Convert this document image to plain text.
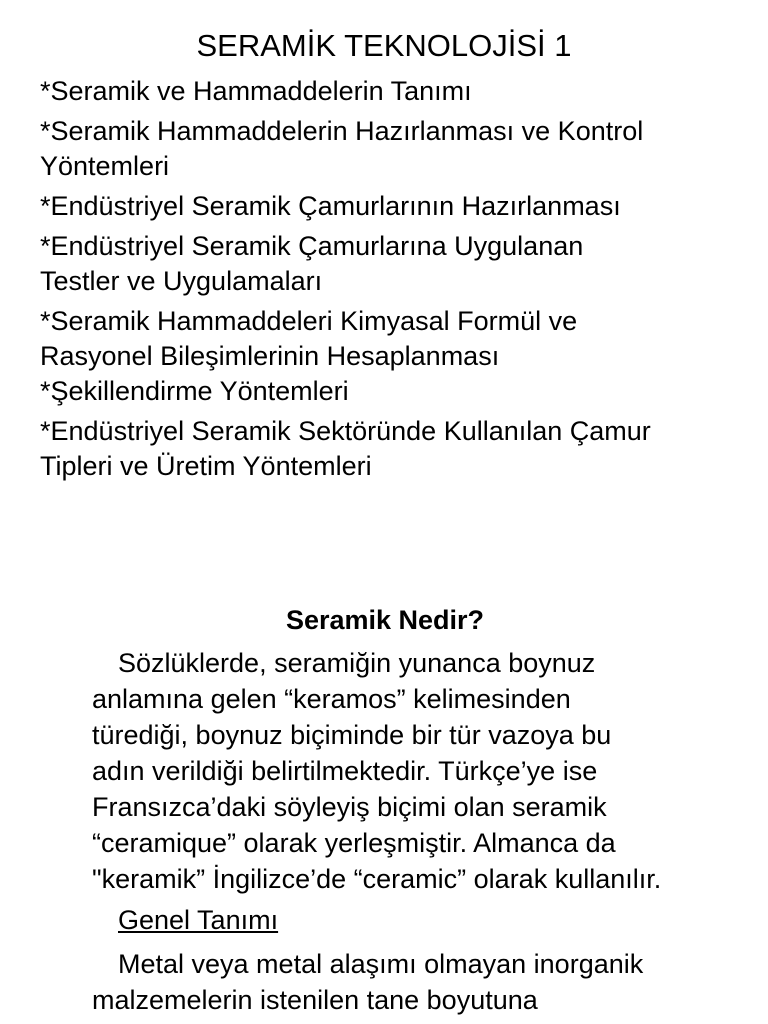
SERAMİK TEKNOLOJİSİ 1
*Seramik ve Hammaddelerin Tanımı
*Seramik Hammaddelerin Hazırlanması ve Kontrol
Yöntemleri
*Endüstriyel Seramik Çamurlarının Hazırlanması
*Endüstriyel Seramik Çamurlarına Uygulanan
Testler ve Uygulamaları
*Seramik Hammaddeleri Kimyasal Formül ve
Rasyonel Bileşimlerinin Hesaplanması
*Şekillendirme Yöntemleri
*Endüstriyel Seramik Sektöründe Kullanılan Çamur
Tipleri ve Üretim Yöntemleri
Seramik Nedir?

Sözlüklerde, seramiğin yunanca boynuz
anlamına gelen “keramos” kelimesinden
türediği, boynuz biçiminde bir tür vazoya bu
adın verildiği belirtilmektedir. Türkçe’ye ise
Fransızca’daki söyleyiş biçimi olan seramik
“ceramique” olarak yerleşmiştir. Almanca da
"keramik” İngilizce’de “ceramic” olarak kullanılır.

Genel Tanımı

Metal veya metal alaşımı olmayan inorganik
malzemelerin istenilen tane boyutuna
